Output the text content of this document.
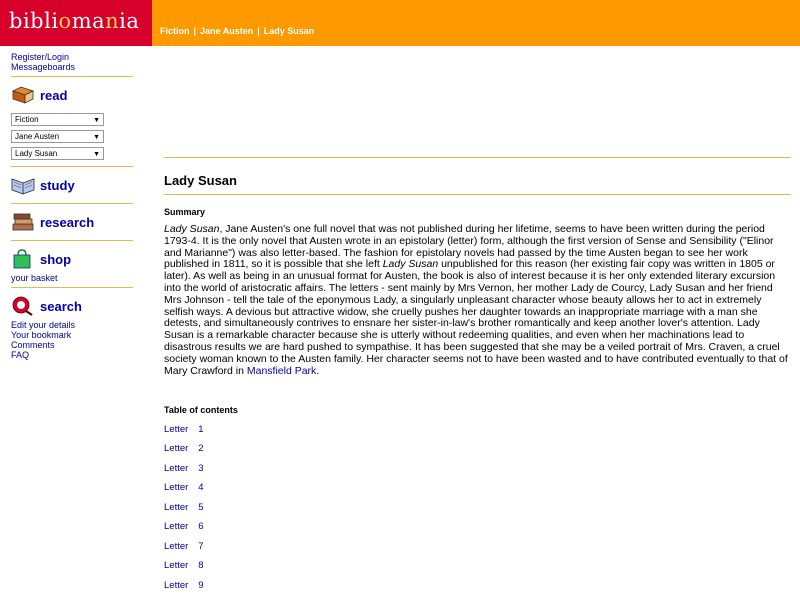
bibliomania Fiction | Jane Austen | Lady Susan
Register/Login
Messageboards
read
Fiction	▼
Jane Austen	▼
Lady Susan	▼
study
research
shop
your basket
search
Edit your details
Your bookmark
Comments
FAQ
Lady Susan
Summary
Lady Susan, Jane Austen's one full novel that was not published during her lifetime, seems to have been written during the period 1793-4. It is the only novel that Austen wrote in an epistolary (letter) form, although the first version of Sense and Sensibility ("Elinor and Marianne") was also letter-based. The fashion for epistolary novels had passed by the time Austen began to see her work published in 1811, so it is possible that she left Lady Susan unpublished for this reason (her existing fair copy was written in 1805 or later). As well as being in an unusual format for Austen, the book is also of interest because it is her only extended literary excursion into the world of aristocratic affairs. The letters - sent mainly by Mrs Vernon, her mother Lady de Courcy, Lady Susan and her friend Mrs Johnson - tell the tale of the eponymous Lady, a singularly unpleasant character whose beauty allows her to act in extremely selfish ways. A devious but attractive widow, she cruelly pushes her daughter towards an inappropriate marriage with a man she detests, and simultaneously contrives to ensnare her sister-in-law's brother romantically and keep another lover's attention. Lady Susan is a remarkable character because she is utterly without redeeming qualities, and even when her machinations lead to disastrous results we are hard pushed to sympathise. It has been suggested that she may be a veiled portrait of Mrs. Craven, a cruel society woman known to the Austen family. Her character seems not to have been wasted and to have contributed eventually to that of Mary Crawford in Mansfield Park.
Table of contents
Letter 1
Letter 2
Letter 3
Letter 4
Letter 5
Letter 6
Letter 7
Letter 8
Letter 9
